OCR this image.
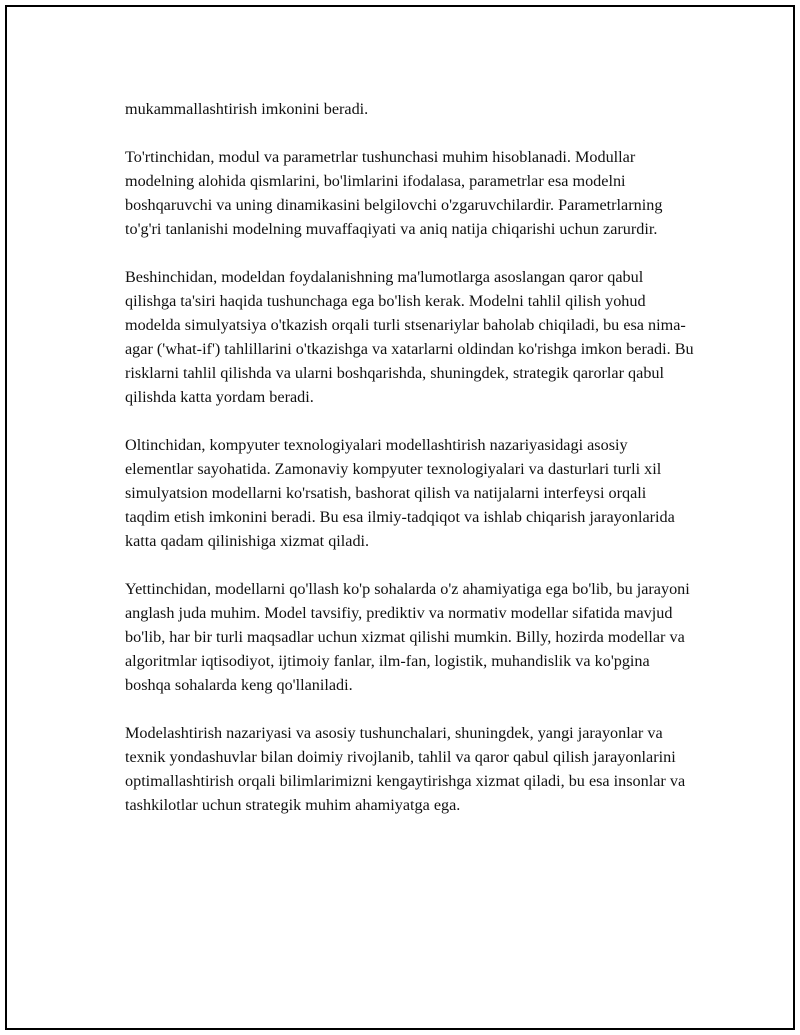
mukammallashtirish imkonini beradi.

To'rtinchidan, modul va parametrlar tushunchasi muhim hisoblanadi. Modullar modelning alohida qismlarini, bo'limlarini ifodalasa, parametrlar esa modelni boshqaruvchi va uning dinamikasini belgilovchi o'zgaruvchilardir. Parametrlarning to'g'ri tanlanishi modelning muvaffaqiyati va aniq natija chiqarishi uchun zarurdir.

Beshinchidan, modeldan foydalanishning ma'lumotlarga asoslangan qaror qabul qilishga ta'siri haqida tushunchaga ega bo'lish kerak. Modelni tahlil qilish yohud modelda simulyatsiya o'tkazish orqali turli stsenariylar baholab chiqiladi, bu esa nima-agar ('what-if') tahlillarini o'tkazishga va xatarlarni oldindan ko'rishga imkon beradi. Bu risklarni tahlil qilishda va ularni boshqarishda, shuningdek, strategik qarorlar qabul qilishda katta yordam beradi.

Oltinchidan, kompyuter texnologiyalari modellashtirish nazariyasidagi asosiy elementlar sayohatida. Zamonaviy kompyuter texnologiyalari va dasturlari turli xil simulyatsion modellarni ko'rsatish, bashorat qilish va natijalarni interfeysi orqali taqdim etish imkonini beradi. Bu esa ilmiy-tadqiqot va ishlab chiqarish jarayonlarida katta qadam qilinishiga xizmat qiladi.

Yettinchidan, modellarni qo'llash ko'p sohalarda o'z ahamiyatiga ega bo'lib, bu jarayoni anglash juda muhim. Model tavsifiy, prediktiv va normativ modellar sifatida mavjud bo'lib, har bir turli maqsadlar uchun xizmat qilishi mumkin. Billy, hozirda modellar va algoritmlar iqtisodiyot, ijtimoiy fanlar, ilm-fan, logistik, muhandislik va ko'pgina boshqa sohalarda keng qo'llaniladi.

Modelashtirish nazariyasi va asosiy tushunchalari, shuningdek, yangi jarayonlar va texnik yondashuvlar bilan doimiy rivojlanib, tahlil va qaror qabul qilish jarayonlarini optimallashtirish orqali bilimlarimizni kengaytirishga xizmat qiladi, bu esa insonlar va tashkilotlar uchun strategik muhim ahamiyatga ega.
